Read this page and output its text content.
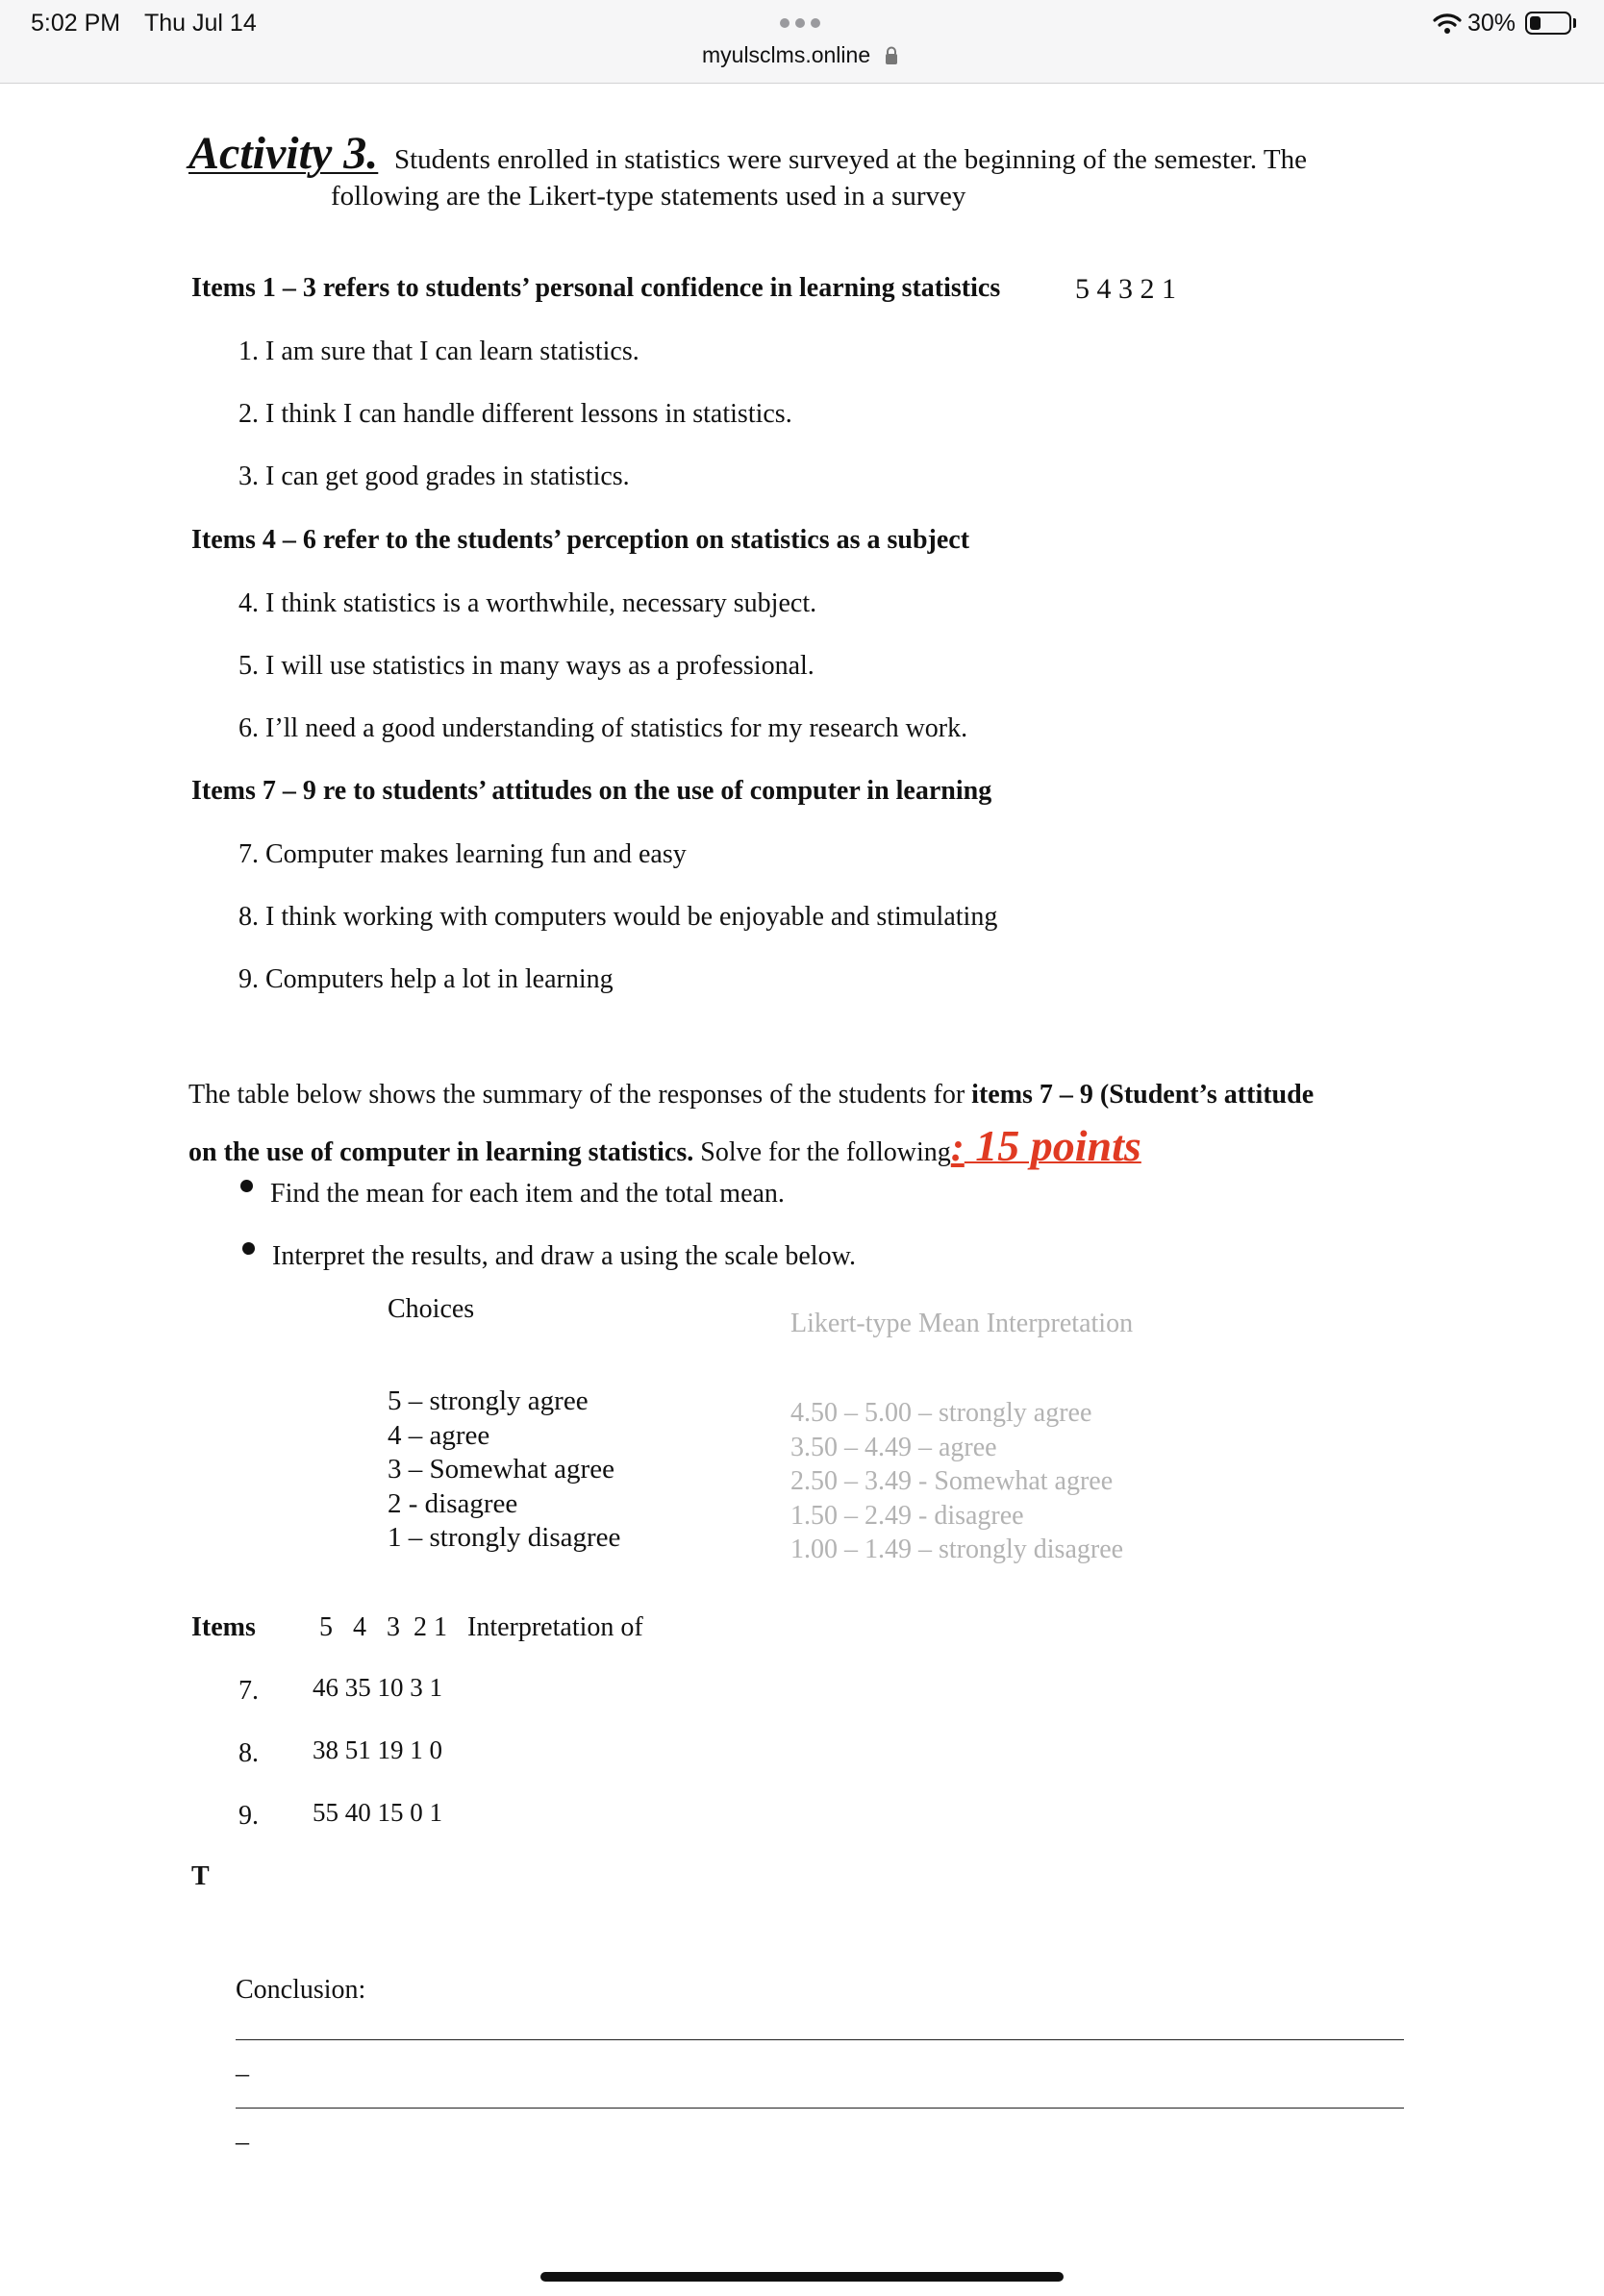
5:02 PM Thu Jul 14
myulsclms.online
30%
Activity 3. Students enrolled in statistics were surveyed at the beginning of the semester. The
following are the Likert-type statements used in a survey
Items 1 – 3 refers to students’ personal confidence in learning statistics	5 4 3 2 1
1. I am sure that I can learn statistics.
2. I think I can handle different lessons in statistics.
3. I can get good grades in statistics.
Items 4 – 6 refer to the students’ perception on statistics as a subject
4. I think statistics is a worthwhile, necessary subject.
5. I will use statistics in many ways as a professional.
6. I’ll need a good understanding of statistics for my research work.
Items 7 – 9 re to students’ attitudes on the use of computer in learning
7. Computer makes learning fun and easy
8. I think working with computers would be enjoyable and stimulating
9. Computers help a lot in learning
The table below shows the summary of the responses of the students for items 7 – 9 (Student’s attitude
on the use of computer in learning statistics. Solve for the following: 15 points
Find the mean for each item and the total mean.
Interpret the results, and draw a using the scale below.
Choices
5 – strongly agree
4 – agree
3 – Somewhat agree
2 - disagree
1 – strongly disagree
Likert-type Mean Interpretation
4.50 – 5.00 – strongly agree
3.50 – 4.49 – agree
2.50 – 3.49 - Somewhat agree
1.50 – 2.49 - disagree
1.00 – 1.49 – strongly disagree
Items 5   4   3  2 1   Interpretation of
7. 46 35 10 3 1
8. 38 51 19 1 0
9. 55 40 15 0 1
T
Conclusion:
_
_
